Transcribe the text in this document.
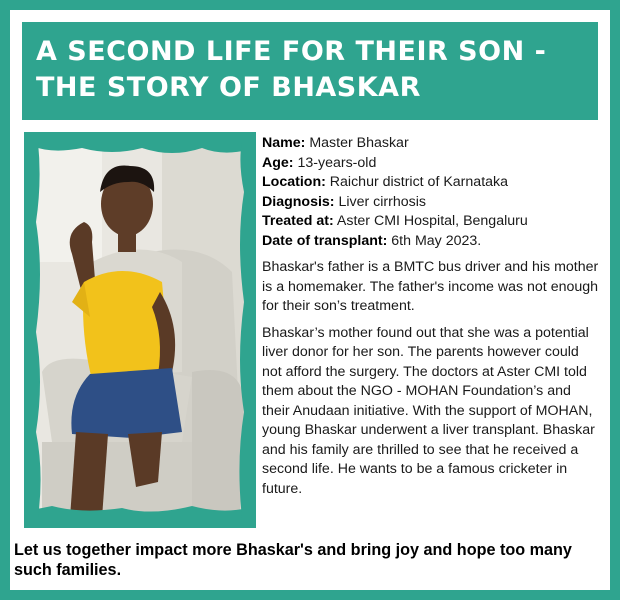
A SECOND LIFE FOR THEIR SON - THE STORY OF BHASKAR

Name: Master Bhaskar

Age: 13-years-old

Location: Raichur district of Karnataka

Diagnosis: Liver cirrhosis

Treated at: Aster CMI Hospital, Bengaluru

Date of transplant: 6th May 2023.

Bhaskar's father is a BMTC bus driver and his mother is a homemaker. The father's income was not enough for their son’s treatment.

Bhaskar’s mother found out that she was a potential liver donor for her son. The parents however could not afford the surgery. The doctors at Aster CMI told them about the NGO - MOHAN Foundation’s and their Anudaan initiative. With the support of MOHAN, young Bhaskar underwent a liver transplant. Bhaskar and his family are thrilled to see that he received a second life. He wants to be a famous cricketer in future.

Let us together impact more Bhaskar's and bring joy and hope too many such families.
